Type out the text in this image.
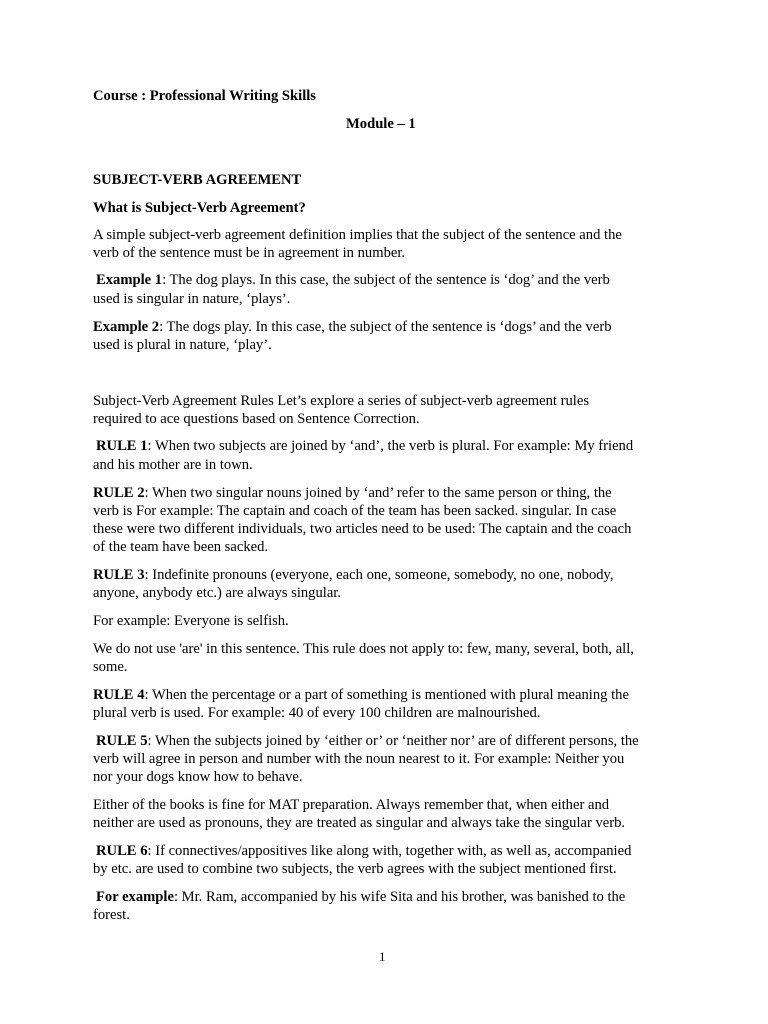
Course : Professional Writing Skills
Module – 1
SUBJECT-VERB AGREEMENT
What is Subject-Verb Agreement?
A simple subject-verb agreement definition implies that the subject of the sentence and the
verb of the sentence must be in agreement in number.
Example 1: The dog plays. In this case, the subject of the sentence is ‘dog’ and the verb
used is singular in nature, ‘plays’.
Example 2: The dogs play. In this case, the subject of the sentence is ‘dogs’ and the verb
used is plural in nature, ‘play’.
Subject-Verb Agreement Rules Let’s explore a series of subject-verb agreement rules
required to ace questions based on Sentence Correction.
RULE 1: When two subjects are joined by ‘and’, the verb is plural. For example: My friend
and his mother are in town.
RULE 2: When two singular nouns joined by ‘and’ refer to the same person or thing, the
verb is For example: The captain and coach of the team has been sacked. singular. In case
these were two different individuals, two articles need to be used: The captain and the coach
of the team have been sacked.
RULE 3: Indefinite pronouns (everyone, each one, someone, somebody, no one, nobody,
anyone, anybody etc.) are always singular.
For example: Everyone is selfish.
We do not use 'are' in this sentence. This rule does not apply to: few, many, several, both, all,
some.
RULE 4: When the percentage or a part of something is mentioned with plural meaning the
plural verb is used. For example: 40 of every 100 children are malnourished.
RULE 5: When the subjects joined by ‘either or’ or ‘neither nor’ are of different persons, the
verb will agree in person and number with the noun nearest to it. For example: Neither you
nor your dogs know how to behave.
Either of the books is fine for MAT preparation. Always remember that, when either and
neither are used as pronouns, they are treated as singular and always take the singular verb.
RULE 6: If connectives/appositives like along with, together with, as well as, accompanied
by etc. are used to combine two subjects, the verb agrees with the subject mentioned first.
For example: Mr. Ram, accompanied by his wife Sita and his brother, was banished to the
forest.
1
